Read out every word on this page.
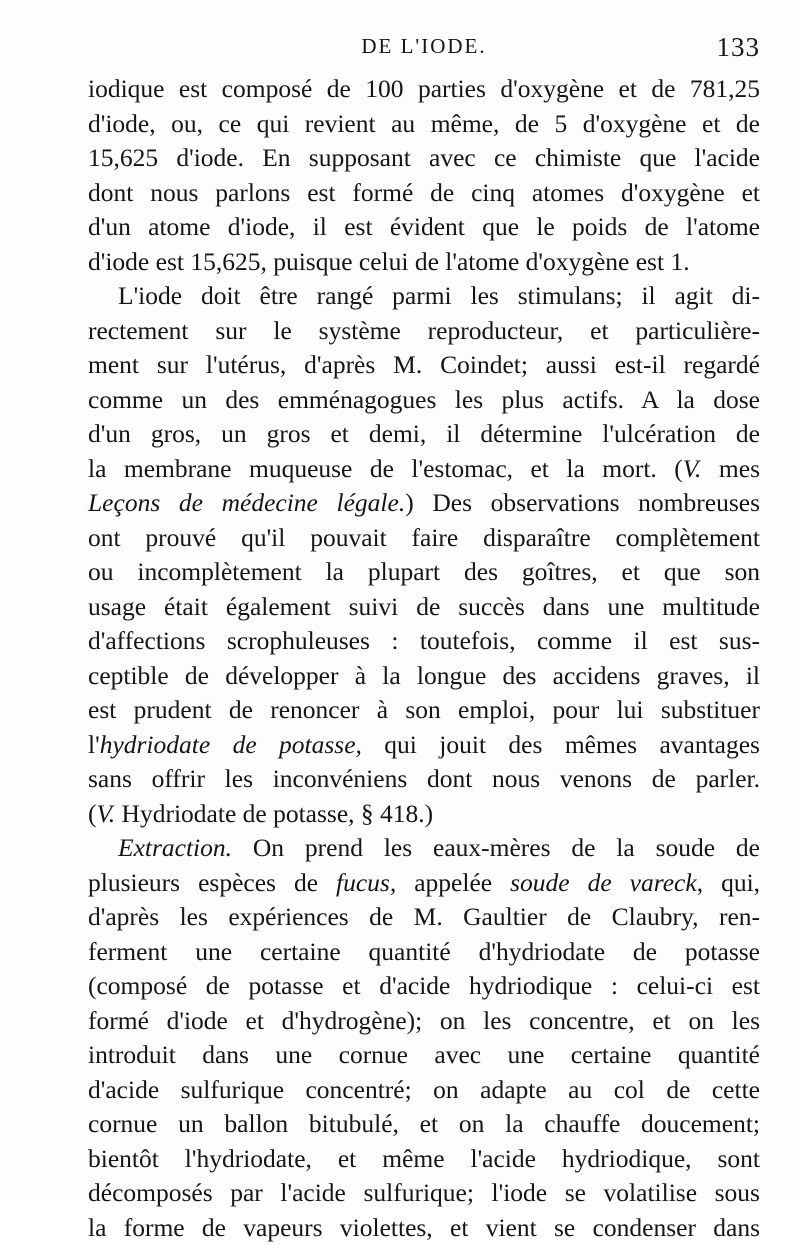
DE L'IODE.	133
iodique est composé de 100 parties d'oxygène et de 781,25
d'iode, ou, ce qui revient au même, de 5 d'oxygène et de
15,625 d'iode. En supposant avec ce chimiste que l'acide
dont nous parlons est formé de cinq atomes d'oxygène et
d'un atome d'iode, il est évident que le poids de l'atome
d'iode est 15,625, puisque celui de l'atome d'oxygène est 1.
L'iode doit être rangé parmi les stimulans; il agit di-
rectement sur le système reproducteur, et particulière-
ment sur l'utérus, d'après M. Coindet; aussi est-il regardé
comme un des emménagogues les plus actifs. A la dose
d'un gros, un gros et demi, il détermine l'ulcération de
la membrane muqueuse de l'estomac, et la mort. (V. mes
Leçons de médecine légale.) Des observations nombreuses
ont prouvé qu'il pouvait faire disparaître complètement
ou incomplètement la plupart des goîtres, et que son
usage était également suivi de succès dans une multitude
d'affections scrophuleuses : toutefois, comme il est sus-
ceptible de développer à la longue des accidens graves, il
est prudent de renoncer à son emploi, pour lui substituer
l'hydriodate de potasse, qui jouit des mêmes avantages
sans offrir les inconvéniens dont nous venons de parler.
(V. Hydriodate de potasse, § 418.)
Extraction. On prend les eaux-mères de la soude de
plusieurs espèces de fucus, appelée soude de vareck, qui,
d'après les expériences de M. Gaultier de Claubry, ren-
ferment une certaine quantité d'hydriodate de potasse
(composé de potasse et d'acide hydriodique : celui-ci est
formé d'iode et d'hydrogène); on les concentre, et on les
introduit dans une cornue avec une certaine quantité
d'acide sulfurique concentré; on adapte au col de cette
cornue un ballon bitubulé, et on la chauffe doucement;
bientôt l'hydriodate, et même l'acide hydriodique, sont
décomposés par l'acide sulfurique; l'iode se volatilise sous
la forme de vapeurs violettes, et vient se condenser dans
